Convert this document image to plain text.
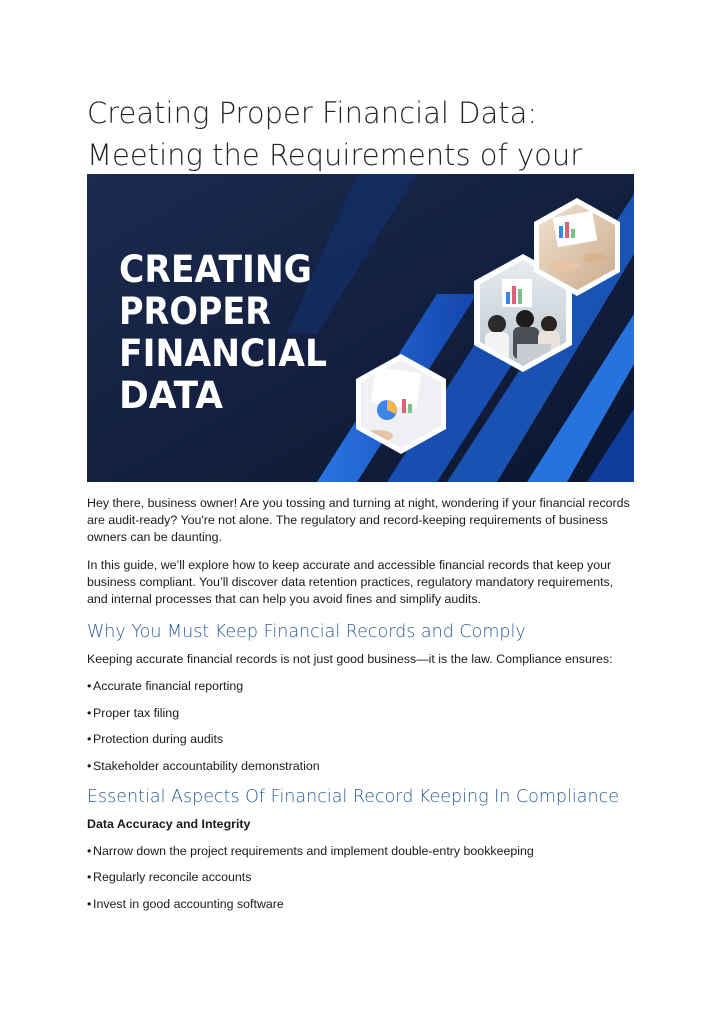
Creating Proper Financial Data:
Meeting the Requirements of your
CREATING
PROPER
FINANCIAL
DATA

Hey there, business owner! Are you tossing and turning at night, wondering if your financial records are audit-ready? You're not alone. The regulatory and record-keeping requirements of business owners can be daunting.

In this guide, we’ll explore how to keep accurate and accessible financial records that keep your business compliant. You’ll discover data retention practices, regulatory mandatory requirements, and internal processes that can help you avoid fines and simplify audits.

Why You Must Keep Financial Records and Comply

Keeping accurate financial records is not just good business—it is the law. Compliance ensures:

• Accurate financial reporting

• Proper tax filing

• Protection during audits

• Stakeholder accountability demonstration

Essential Aspects Of Financial Record Keeping In Compliance

Data Accuracy and Integrity

• Narrow down the project requirements and implement double-entry bookkeeping

• Regularly reconcile accounts

• Invest in good accounting software
